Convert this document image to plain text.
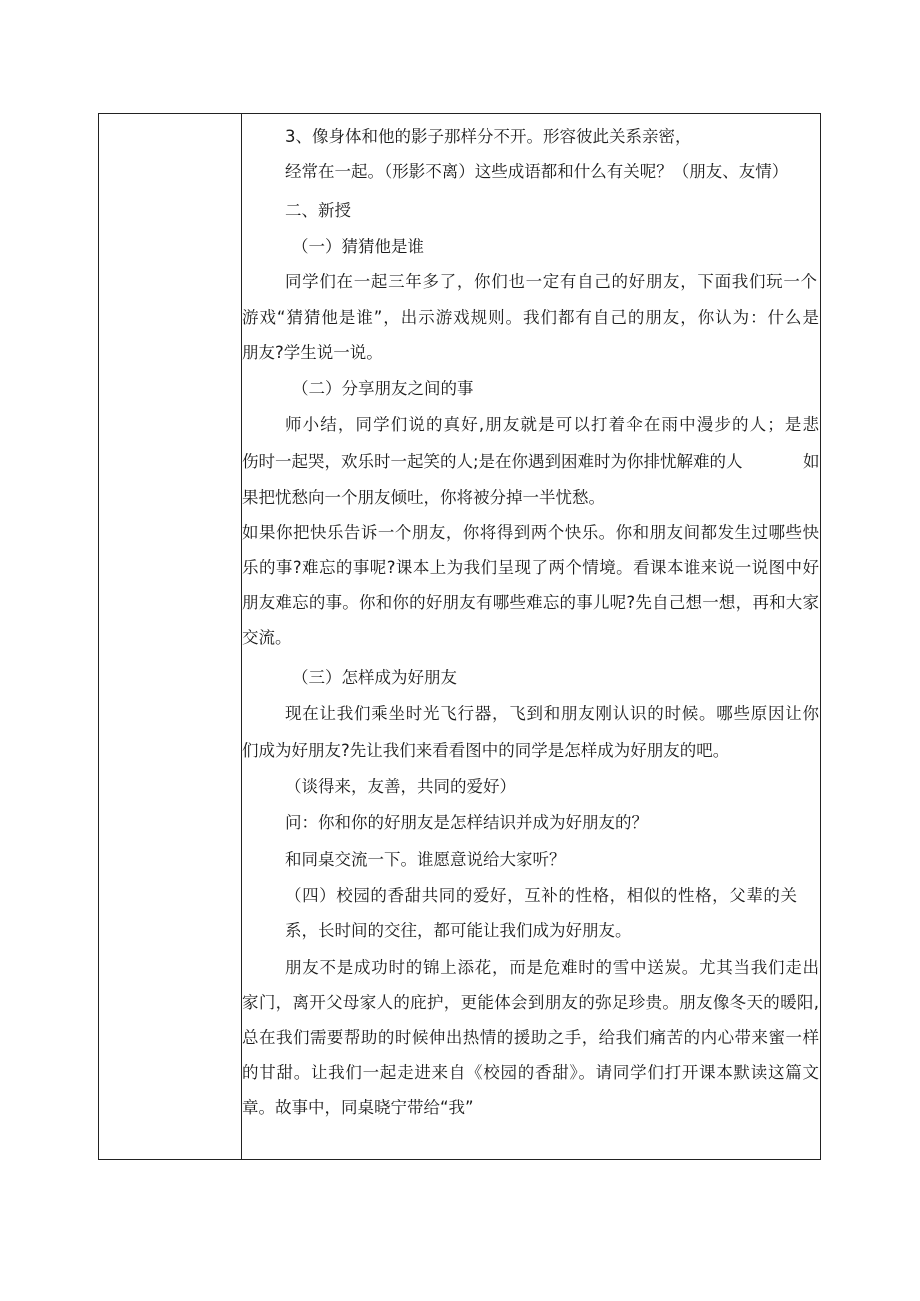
3、像身体和他的影子那样分不开。形容彼此关系亲密，
经常在一起。（形影不离）这些成语都和什么有关呢？（朋友、友情）
二、新授
（一）猜猜他是谁
同学们在一起三年多了，你们也一定有自己的好朋友，下面我们玩一个
游戏“猜猜他是谁”，出示游戏规则。我们都有自己的朋友，你认为：什么是
朋友?学生说一说。
（二）分享朋友之间的事
师小结，同学们说的真好,朋友就是可以打着伞在雨中漫步的人；是悲
伤时一起哭，欢乐时一起笑的人;是在你遇到困难时为你排忧解难的人	如
果把忧愁向一个朋友倾吐，你将被分掉一半忧愁。
如果你把快乐告诉一个朋友，你将得到两个快乐。你和朋友间都发生过哪些快
乐的事?难忘的事呢?课本上为我们呈现了两个情境。看课本谁来说一说图中好
朋友难忘的事。你和你的好朋友有哪些难忘的事儿呢?先自己想一想，再和大家
交流。
（三）怎样成为好朋友
现在让我们乘坐时光飞行器，飞到和朋友刚认识的时候。哪些原因让你
们成为好朋友?先让我们来看看图中的同学是怎样成为好朋友的吧。
（谈得来，友善，共同的爱好）
问：你和你的好朋友是怎样结识并成为好朋友的？
和同桌交流一下。谁愿意说给大家听？
（四）校园的香甜共同的爱好，互补的性格，相似的性格，父辈的关
系，长时间的交往，都可能让我们成为好朋友。
朋友不是成功时的锦上添花，而是危难时的雪中送炭。尤其当我们走出
家门，离开父母家人的庇护，更能体会到朋友的弥足珍贵。朋友像冬天的暖阳,
总在我们需要帮助的时候伸出热情的援助之手，给我们痛苦的内心带来蜜一样
的甘甜。让我们一起走进来自《校园的香甜》。请同学们打开课本默读这篇文
章。故事中，同桌晓宁带给“我”
